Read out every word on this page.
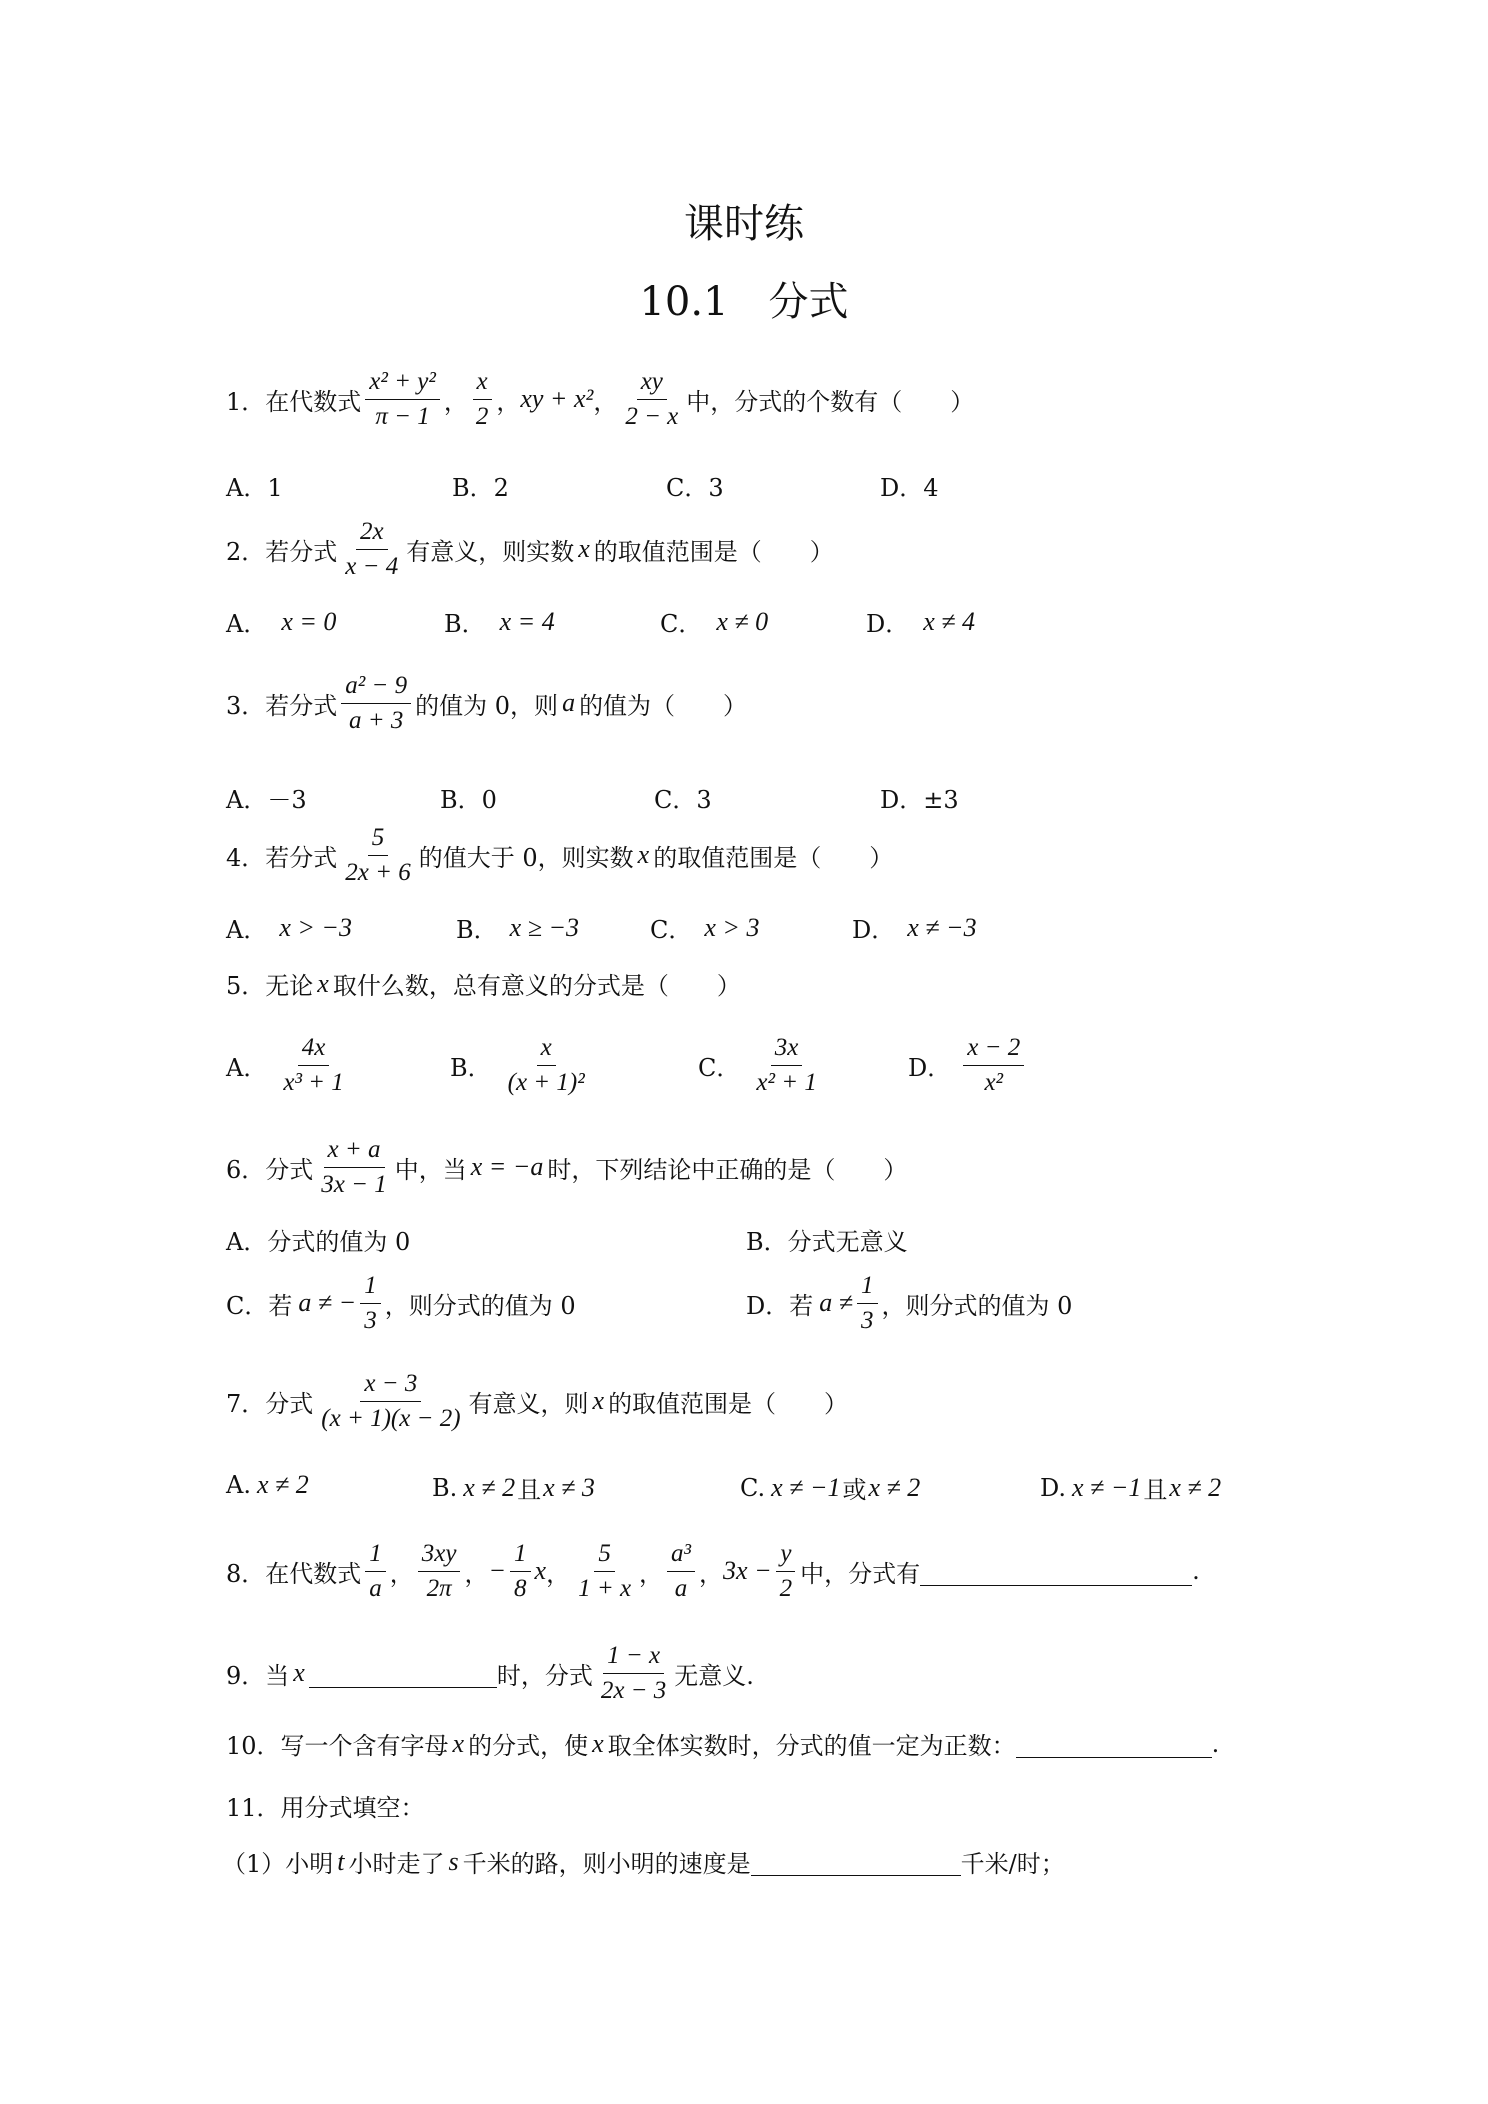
课时练
10.1　分式
1．在代数式 $\frac{\text{x² + y²}}{\pi - 1}$ ， $\frac{x}{2}$ ， xy + x² ， $\frac{xy}{2 - x}$ 中，分式的个数有（　　）
A．1	B．2	C．3	D．4
2．若分式 $\frac{2x}{x - 4}$ 有意义，则实数 x 的取值范围是（　　）
A． x = 0	B． x = 4	C． x ≠ 0	D． x ≠ 4
3．若分式 $\frac{\text{a² − 9}}{a + 3}$ 的值为 0，则 a 的值为（　　）
A．－3	B．0	C．3	D．±3
4．若分式 $\frac{5}{2x + 6}$ 的值大于 0，则实数 x 的取值范围是（　　）
A． x > −3	B． x ≥ −3	C． x > 3	D． x ≠ −3
5．无论 x 取什么数，总有意义的分式是（　　）
A． $\frac{4x}{\text{x³ + 1}}$	B． $\frac{x}{\text{(x + 1)²}}$	C． $\frac{3x}{\text{x² + 1}}$	D． $\frac{x - 2}{\text{x²}}$
6．分式 $\frac{x + a}{3x - 1}$ 中，当 x = −a 时，下列结论中正确的是（　　）
A．分式的值为 0	B．分式无意义
C．若 a ≠ − $\frac{1}{3}$ ，则分式的值为 0	D．若 $a \ne \frac{1}{3}$ ，则分式的值为 0
7．分式 $\frac{x - 3}{(x + 1)(x - 2)}$ 有意义，则 x 的取值范围是（　　）
A. x ≠ 2	B. x ≠ 2 且 x ≠ 3	C. x ≠ −1 或 x ≠ 2	D. x ≠ −1 且 x ≠ 2
8．在代数式 $\frac{1}{a}$ ， $\frac{3xy}{2\pi}$ ， − $\frac{1}{8}$ x ， $\frac{5}{1 + x}$ ， $\frac{\text{a³}}{a}$ ， $3x - \frac{y}{2}$ 中，分式有	.
9．当 x	时，分式 $\frac{1 - x}{2x - 3}$ 无意义.
10．写一个含有字母 x 的分式，使 x 取全体实数时，分式的值一定为正数：	.
11．用分式填空：
（1）小明 t 小时走了 s 千米的路，则小明的速度是	千米/时；
